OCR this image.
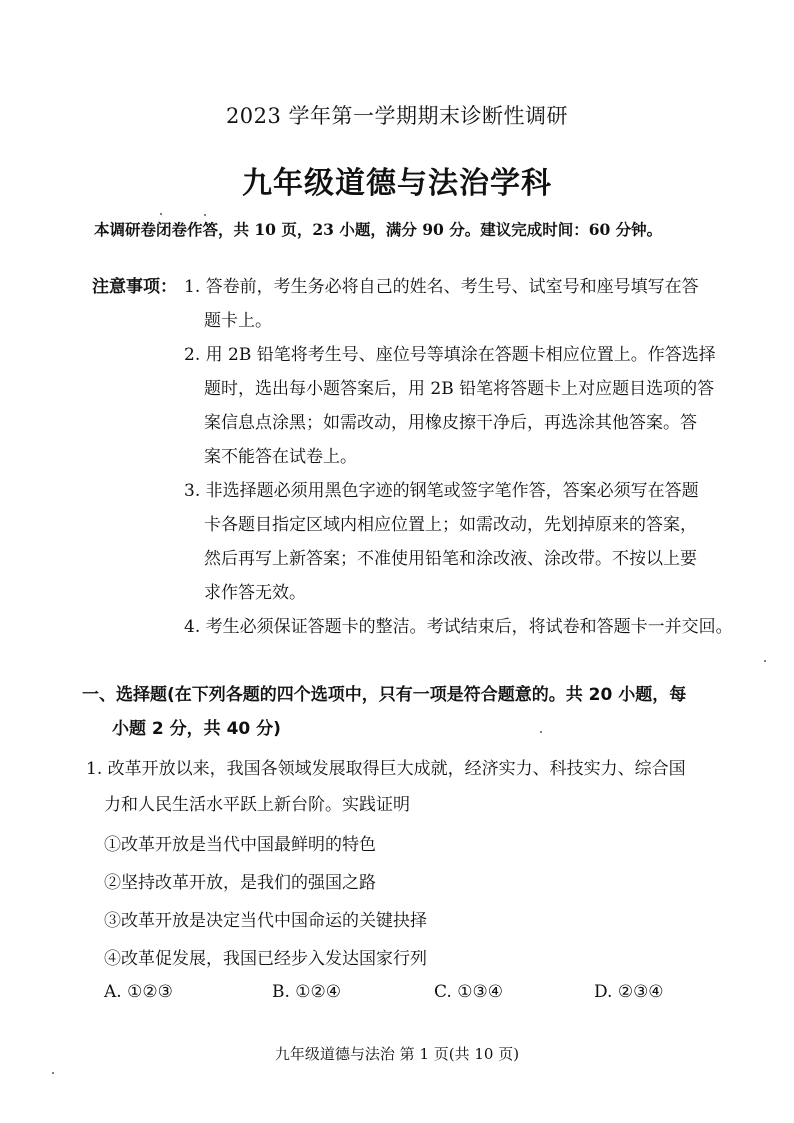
2023 学年第一学期期末诊断性调研
九年级道德与法治学科
本调研卷闭卷作答，共 10 页，23 小题，满分 90 分。建议完成时间：60 分钟。
注意事项： 1. 答卷前，考生务必将自己的姓名、考生号、试室号和座号填写在答
题卡上。
2. 用 2B 铅笔将考生号、座位号等填涂在答题卡相应位置上。作答选择
题时，选出每小题答案后，用 2B 铅笔将答题卡上对应题目选项的答
案信息点涂黑；如需改动，用橡皮擦干净后，再选涂其他答案。答
案不能答在试卷上。
3. 非选择题必须用黑色字迹的钢笔或签字笔作答，答案必须写在答题
卡各题目指定区域内相应位置上；如需改动，先划掉原来的答案，
然后再写上新答案；不准使用铅笔和涂改液、涂改带。不按以上要
求作答无效。
4. 考生必须保证答题卡的整洁。考试结束后，将试卷和答题卡一并交回。
一、选择题(在下列各题的四个选项中，只有一项是符合题意的。共 20 小题，每
小题 2 分，共 40 分)
1. 改革开放以来，我国各领域发展取得巨大成就，经济实力、科技实力、综合国
力和人民生活水平跃上新台阶。实践证明
①改革开放是当代中国最鲜明的特色
②坚持改革开放，是我们的强国之路
③改革开放是决定当代中国命运的关键抉择
④改革促发展，我国已经步入发达国家行列
A. ①②③	B. ①②④	C. ①③④	D. ②③④
九年级道德与法治 第 1 页(共 10 页)
